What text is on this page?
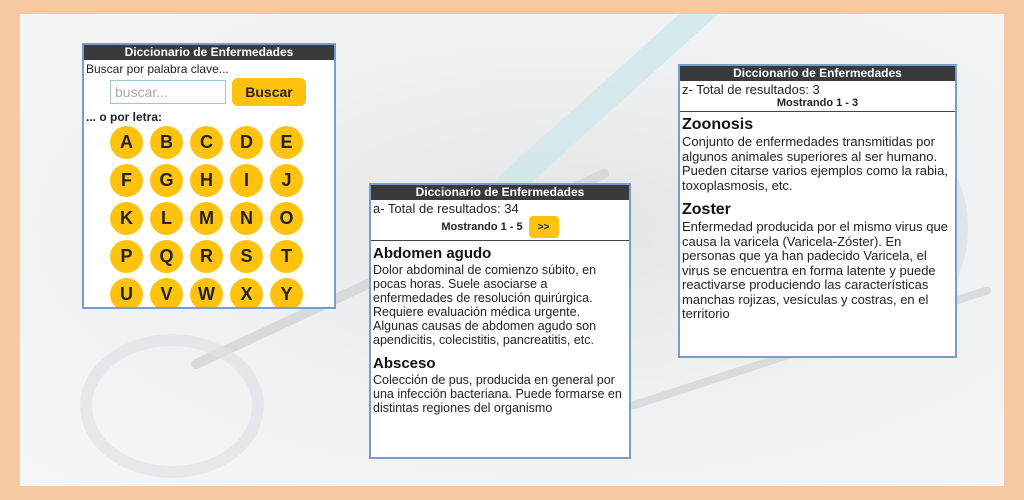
Diccionario de Enfermedades
Buscar por palabra clave...
buscar...
Buscar
... o por letra:
A	B	C	D	E
F	G	H	I	J
K	L	M	N	O
P	Q	R	S	T
U	V	W	X	Y
Diccionario de Enfermedades
a- Total de resultados: 34
Mostrando 1 - 5	>>
Abdomen agudo
Dolor abdominal de comienzo súbito, en pocas horas. Suele asociarse a enfermedades de resolución quirúrgica. Requiere evaluación médica urgente. Algunas causas de abdomen agudo son apendicitis, colecistitis, pancreatitis, etc.
Absceso
Colección de pus, producida en general por una infección bacteriana. Puede formarse en distintas regiones del organismo
Diccionario de Enfermedades
z- Total de resultados: 3
Mostrando 1 - 3
Zoonosis
Conjunto de enfermedades transmitidas por algunos animales superiores al ser humano. Pueden citarse varios ejemplos como la rabia, toxoplasmosis, etc.
Zoster
Enfermedad producida por el mismo virus que causa la varicela (Varicela-Zóster). En personas que ya han padecido Varicela, el virus se encuentra en forma latente y puede reactivarse produciendo las características manchas rojizas, vesículas y costras, en el territorio
